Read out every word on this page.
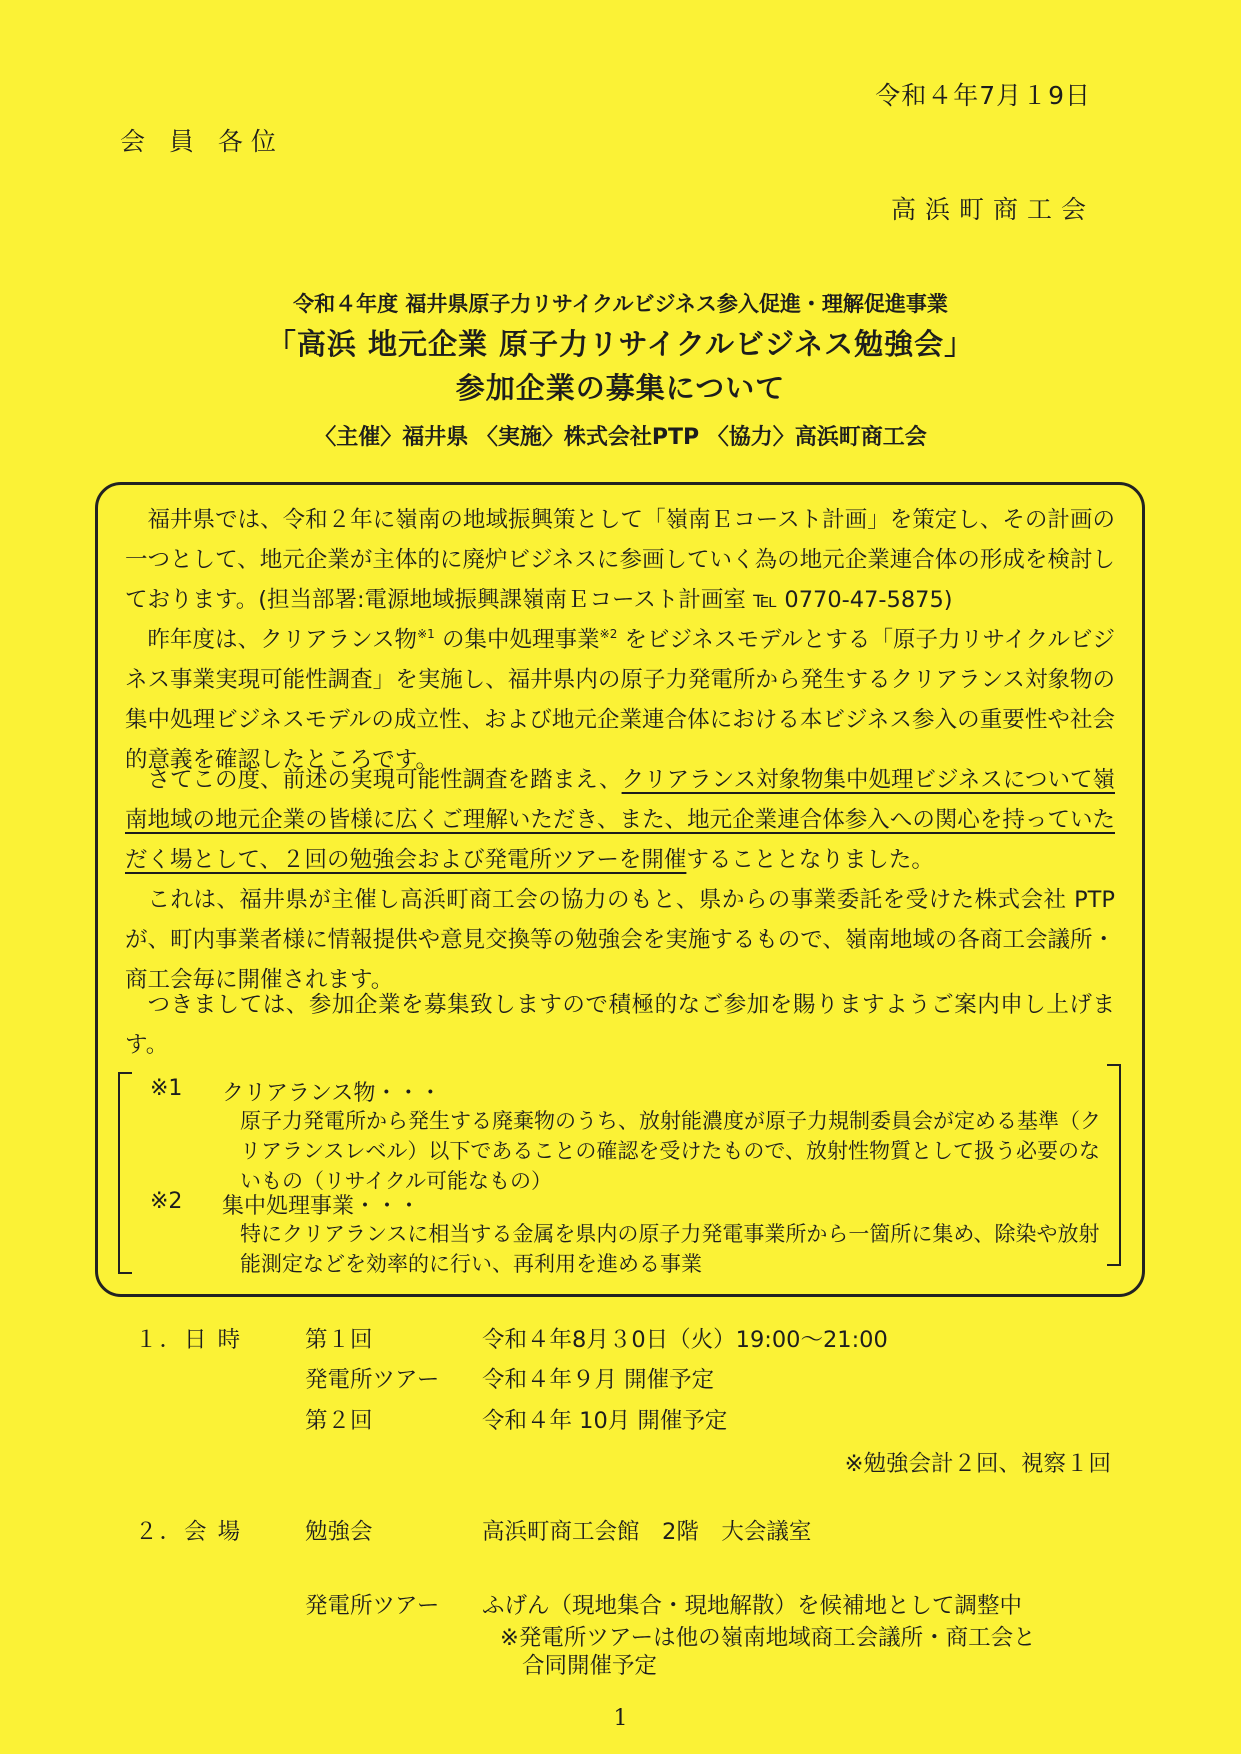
令和４年7月１9日
会 員 各位
高浜町商工会
令和４年度 福井県原子力リサイクルビジネス参入促進・理解促進事業
「高浜 地元企業 原子力リサイクルビジネス勉強会」
参加企業の募集について
〈主催〉福井県 〈実施〉株式会社PTP 〈協力〉高浜町商工会
福井県では、令和２年に嶺南の地域振興策として「嶺南Ｅコースト計画」を策定し、その計画の一つとして、地元企業が主体的に廃炉ビジネスに参画していく為の地元企業連合体の形成を検討しております。(担当部署:電源地域振興課嶺南Ｅコースト計画室 ℡ 0770-47-5875)
昨年度は、クリアランス物$^{※1}$ の集中処理事業$^{※2}$ をビジネスモデルとする「原子力リサイクルビジネス事業実現可能性調査」を実施し、福井県内の原子力発電所から発生するクリアランス対象物の集中処理ビジネスモデルの成立性、および地元企業連合体における本ビジネス参入の重要性や社会的意義を確認したところです。
さてこの度、前述の実現可能性調査を踏まえ、クリアランス対象物集中処理ビジネスについて嶺南地域の地元企業の皆様に広くご理解いただき、また、地元企業連合体参入への関心を持っていただく場として、２回の勉強会および発電所ツアーを開催することとなりました。
これは、福井県が主催し高浜町商工会の協力のもと、県からの事業委託を受けた株式会社 PTP が、町内事業者様に情報提供や意見交換等の勉強会を実施するもので、嶺南地域の各商工会議所・商工会毎に開催されます。
つきましては、参加企業を募集致しますので積極的なご参加を賜りますようご案内申し上げます。
※1 クリアランス物・・・
原子力発電所から発生する廃棄物のうち、放射能濃度が原子力規制委員会が定める基準（クリアランスレベル）以下であることの確認を受けたもので、放射性物質として扱う必要のないもの（リサイクル可能なもの）
※2 集中処理事業・・・
特にクリアランスに相当する金属を県内の原子力発電事業所から一箇所に集め、除染や放射能測定などを効率的に行い、再利用を進める事業
１．日 時	第１回	令和４年8月３0日（火）19:00～21:00
発電所ツアー 令和４年９月 開催予定
第２回	令和４年 10月 開催予定
※勉強会計２回、視察１回
２．会 場	勉強会	高浜町商工会館　2階　大会議室
発電所ツアー ふげん（現地集合・現地解散）を候補地として調整中
※発電所ツアーは他の嶺南地域商工会議所・商工会と
合同開催予定
1
